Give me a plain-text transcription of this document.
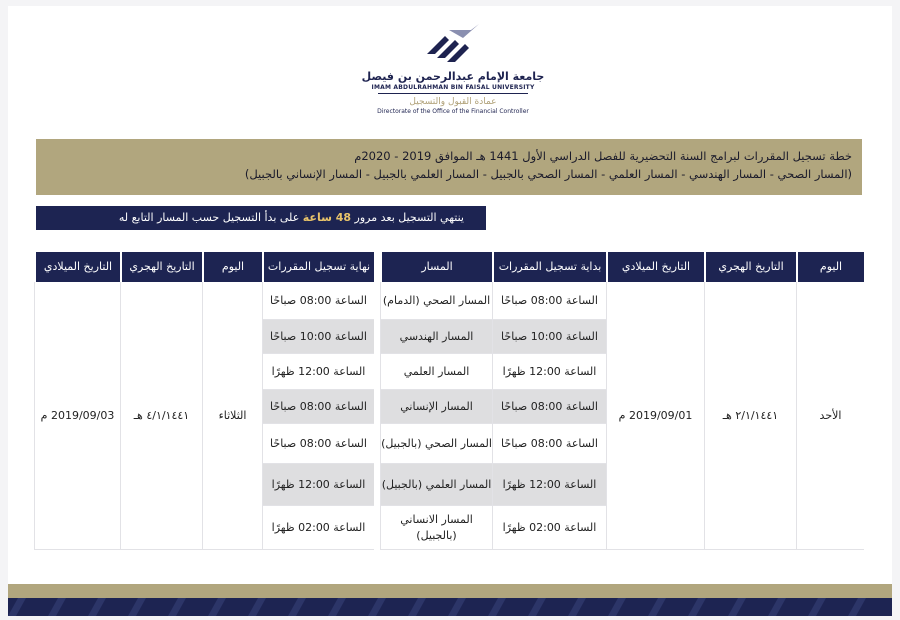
جامعة الإمام عبدالرحمن بن فيصل
IMAM ABDULRAHMAN BIN FAISAL UNIVERSITY
عمادة القبول والتسجيل
Directorate of the Office of the Financial Controller
خطة تسجيل المقررات لبرامج السنة التحضيرية للفصل الدراسي الأول 1441 هـ الموافق 2019 - 2020م
(المسار الصحي - المسار الهندسي - المسار العلمي - المسار الصحي بالجبيل - المسار العلمي بالجبيل - المسار الإنساني بالجبيل)
ينتهي التسجيل بعد مرور 48 ساعة على بدأ التسجيل حسب المسار التابع له
اليوم
التاريخ الهجري
التاريخ الميلادي
بداية تسجيل المقررات
المسار
الأحد
٢/١/١٤٤١ هـ
2019/09/01 م
الساعة 08:00 صباحًا
الساعة 10:00 صباحًا
الساعة 12:00 ظهرًا
الساعة 08:00 صباحًا
الساعة 08:00 صباحًا
الساعة 12:00 ظهرًا
الساعة 02:00 ظهرًا
المسار الصحي (الدمام)
المسار الهندسي
المسار العلمي
المسار الإنساني
المسار الصحي (بالجبيل)
المسار العلمي (بالجبيل)
المسار الانساني (بالجبيل)
نهاية تسجيل المقررات
اليوم
التاريخ الهجري
التاريخ الميلادي
الساعة 08:00 صباحًا
الساعة 10:00 صباحًا
الساعة 12:00 ظهرًا
الساعة 08:00 صباحًا
الساعة 08:00 صباحًا
الساعة 12:00 ظهرًا
الساعة 02:00 ظهرًا
الثلاثاء
٤/١/١٤٤١ هـ
2019/09/03 م
